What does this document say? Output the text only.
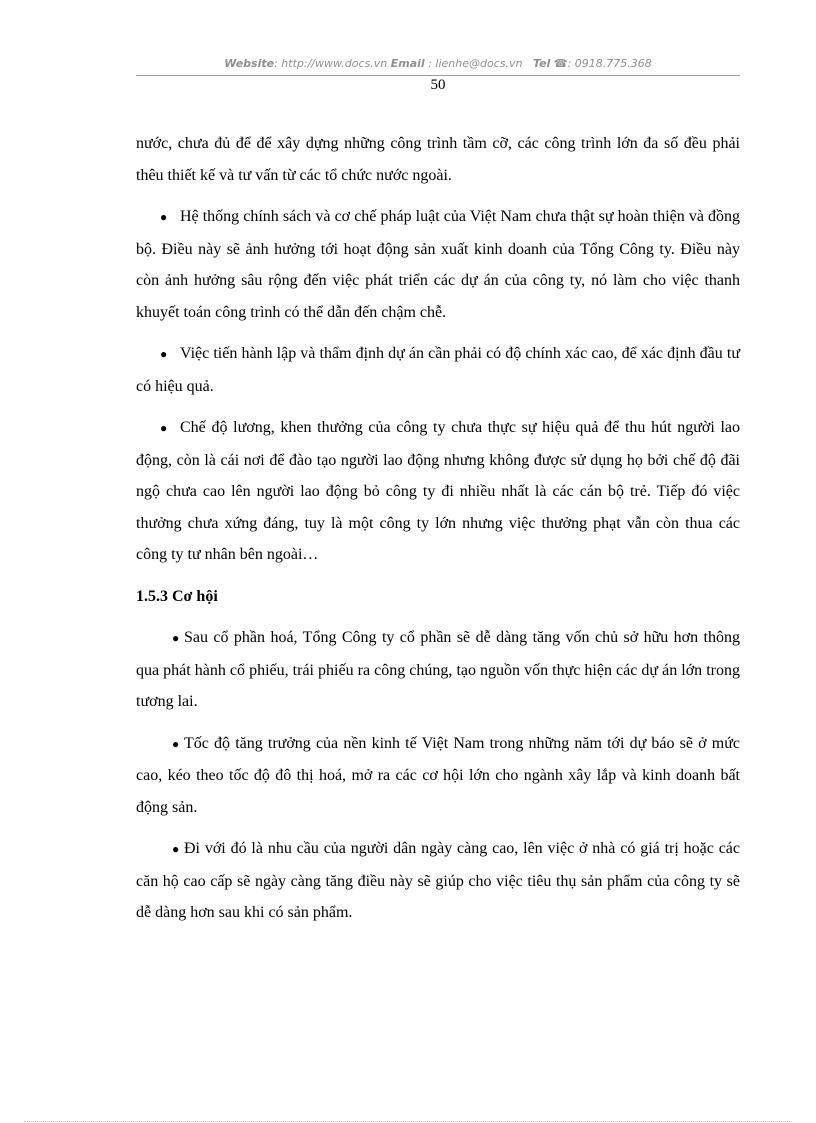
Website: http://www.docs.vn Email : lienhe@docs.vn Tel ☎: 0918.775.368
50

nước, chưa đủ để để xây dựng những công trình tầm cỡ, các công trình lớn đa số đều phải thêu thiết kế và tư vấn từ các tổ chức nước ngoài.

● Hệ thống chính sách và cơ chế pháp luật của Việt Nam chưa thật sự hoàn thiện và đồng bộ. Điều này sẽ ảnh hưởng tới hoạt động sản xuất kinh doanh của Tổng Công ty. Điều này còn ảnh hưởng sâu rộng đến việc phát triển các dự án của công ty, nó làm cho việc thanh khuyết toán công trình có thể dẫn đến chậm chễ.

● Việc tiến hành lập và thẩm định dự án cần phải có độ chính xác cao, để xác định đầu tư có hiệu quả.

● Chế độ lương, khen thưởng của công ty chưa thực sự hiệu quả để thu hút người lao động, còn là cái nơi để đào tạo người lao động nhưng không được sử dụng họ bởi chế độ đãi ngộ chưa cao lên người lao động bỏ công ty đi nhiều nhất là các cán bộ trẻ. Tiếp đó việc thưởng chưa xứng đáng, tuy là một công ty lớn nhưng việc thưởng phạt vẫn còn thua các công ty tư nhân bên ngoài…

1.5.3 Cơ hội

● Sau cổ phần hoá, Tổng Công ty cổ phần sẽ dễ dàng tăng vốn chủ sở hữu hơn thông qua phát hành cổ phiếu, trái phiếu ra công chúng, tạo nguồn vốn thực hiện các dự án lớn trong tương lai.

● Tốc độ tăng trưởng của nền kinh tế Việt Nam trong những năm tới dự báo sẽ ở mức cao, kéo theo tốc độ đô thị hoá, mở ra các cơ hội lớn cho ngành xây lắp và kinh doanh bất động sản.

● Đi với đó là nhu cầu của người dân ngày càng cao, lên việc ở nhà có giá trị hoặc các căn hộ cao cấp sẽ ngày càng tăng điều này sẽ giúp cho việc tiêu thụ sản phẩm của công ty sẽ dễ dàng hơn sau khi có sản phẩm.
